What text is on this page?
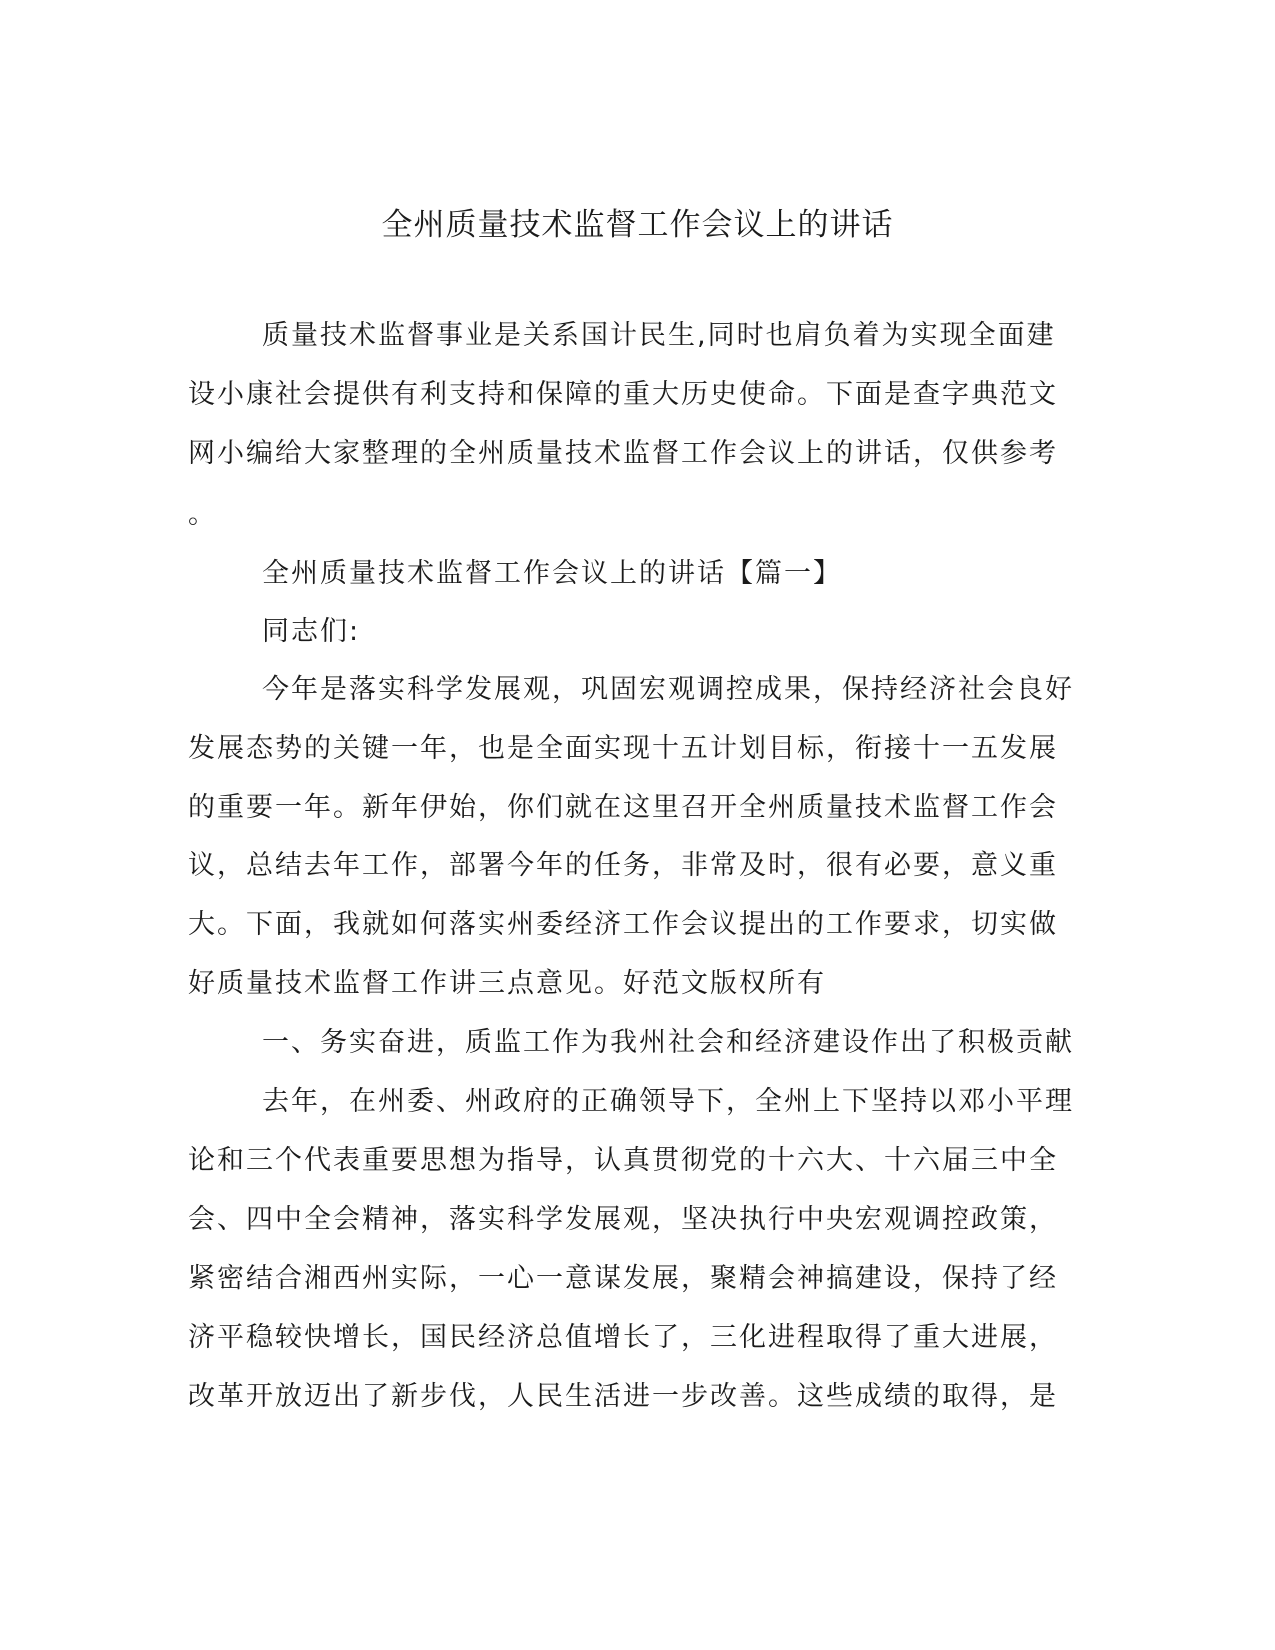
全州质量技术监督工作会议上的讲话

质量技术监督事业是关系国计民生,同时也肩负着为实现全面建

设小康社会提供有利支持和保障的重大历史使命。下面是查字典范文

网小编给大家整理的全州质量技术监督工作会议上的讲话，仅供参考

。

全州质量技术监督工作会议上的讲话【篇一】

同志们:

今年是落实科学发展观，巩固宏观调控成果，保持经济社会良好

发展态势的关键一年，也是全面实现十五计划目标，衔接十一五发展

的重要一年。新年伊始，你们就在这里召开全州质量技术监督工作会

议，总结去年工作，部署今年的任务，非常及时，很有必要，意义重

大。下面，我就如何落实州委经济工作会议提出的工作要求，切实做

好质量技术监督工作讲三点意见。好范文版权所有

一、务实奋进，质监工作为我州社会和经济建设作出了积极贡献

去年，在州委、州政府的正确领导下，全州上下坚持以邓小平理

论和三个代表重要思想为指导，认真贯彻党的十六大、十六届三中全

会、四中全会精神，落实科学发展观，坚决执行中央宏观调控政策，

紧密结合湘西州实际，一心一意谋发展，聚精会神搞建设，保持了经

济平稳较快增长，国民经济总值增长了，三化进程取得了重大进展，

改革开放迈出了新步伐，人民生活进一步改善。这些成绩的取得，是
